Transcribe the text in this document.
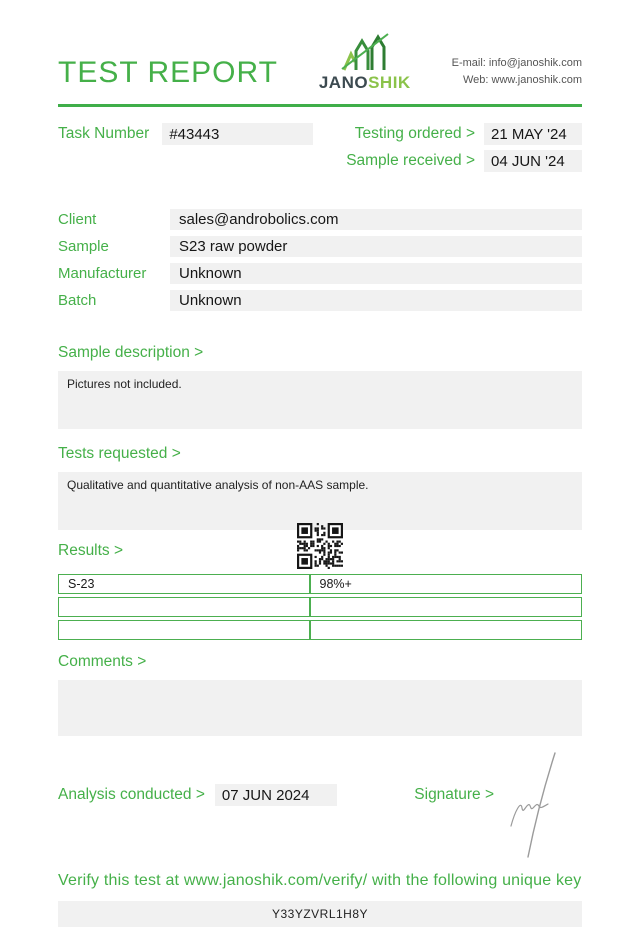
TEST REPORT JANOSHIK
E-mail: info@janoshik.com
Web: www.janoshik.com
Task Number	#43443	Testing ordered >	21 MAY '24
Sample received >	04 JUN '24
Client	sales@androbolics.com
Sample	S23 raw powder
Manufacturer	Unknown
Batch	Unknown
Sample description >
Pictures not included.
Tests requested >
Qualitative and quantitative analysis of non-AAS sample.
Results >
S-23	98%+

Comments >
Analysis conducted >	07 JUN 2024	Signature >
Verify this test at www.janoshik.com/verify/ with the following unique key
Y33YZVRL1H8Y
